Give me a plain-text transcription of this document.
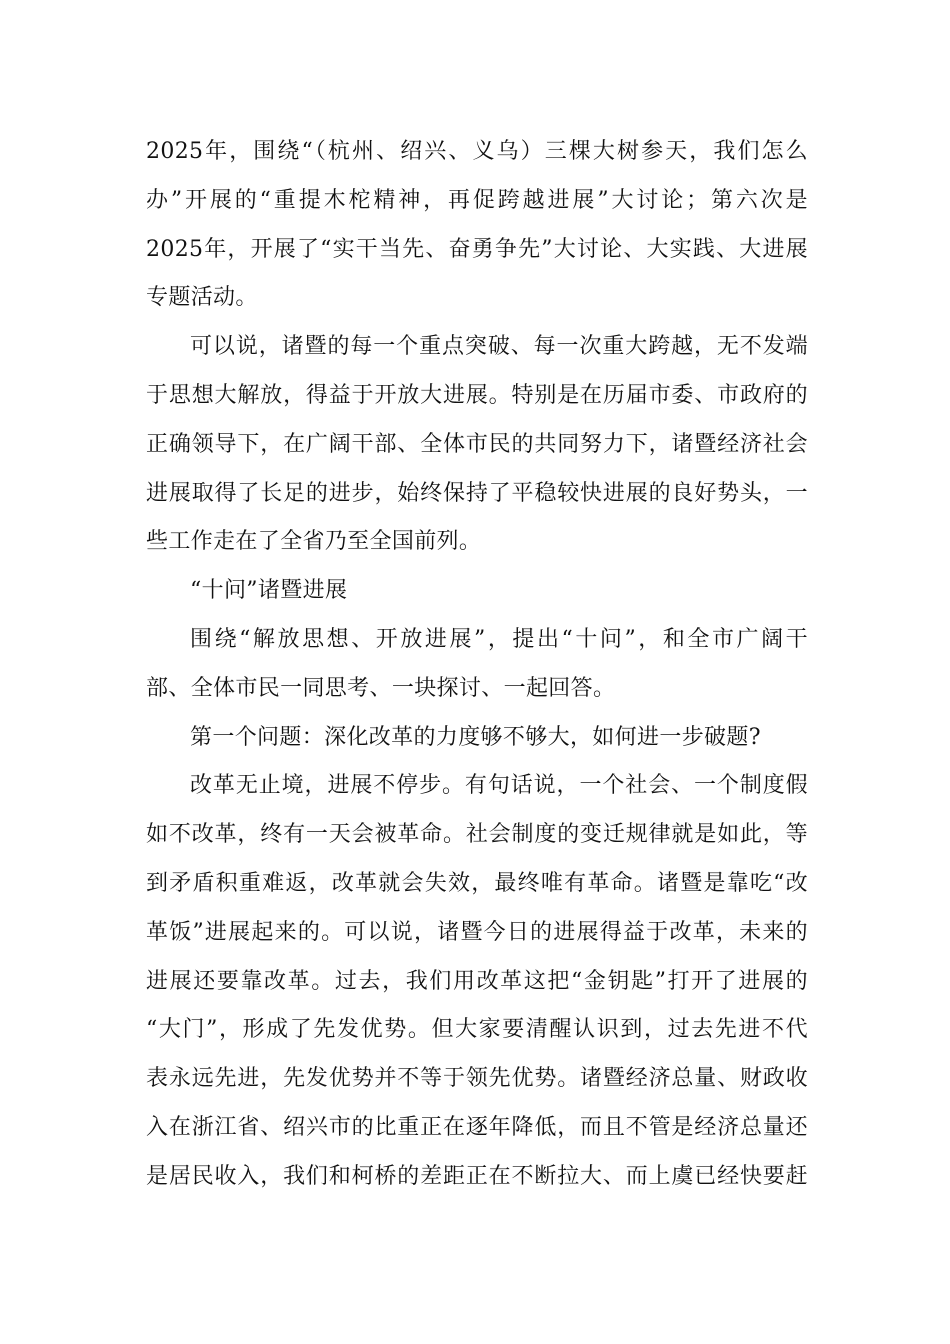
2025年，围绕“（杭州、绍兴、义乌）三棵大树参天，我们怎么
办”开展的“重提木柁精神，再促跨越进展”大讨论；第六次是
2025年，开展了“实干当先、奋勇争先”大讨论、大实践、大进展
专题活动。
可以说，诸暨的每一个重点突破、每一次重大跨越，无不发端
于思想大解放，得益于开放大进展。特别是在历届市委、市政府的
正确领导下，在广阔干部、全体市民的共同努力下，诸暨经济社会
进展取得了长足的进步，始终保持了平稳较快进展的良好势头，一
些工作走在了全省乃至全国前列。
“十问”诸暨进展
围绕“解放思想、开放进展”，提出“十问”，和全市广阔干
部、全体市民一同思考、一块探讨、一起回答。
第一个问题：深化改革的力度够不够大，如何进一步破题?
改革无止境，进展不停步。有句话说，一个社会、一个制度假
如不改革，终有一天会被革命。社会制度的变迁规律就是如此，等
到矛盾积重难返，改革就会失效，最终唯有革命。诸暨是靠吃“改
革饭”进展起来的。可以说，诸暨今日的进展得益于改革，未来的
进展还要靠改革。过去，我们用改革这把“金钥匙”打开了进展的
“大门”，形成了先发优势。但大家要清醒认识到，过去先进不代
表永远先进，先发优势并不等于领先优势。诸暨经济总量、财政收
入在浙江省、绍兴市的比重正在逐年降低，而且不管是经济总量还
是居民收入，我们和柯桥的差距正在不断拉大、而上虞已经快要赶
